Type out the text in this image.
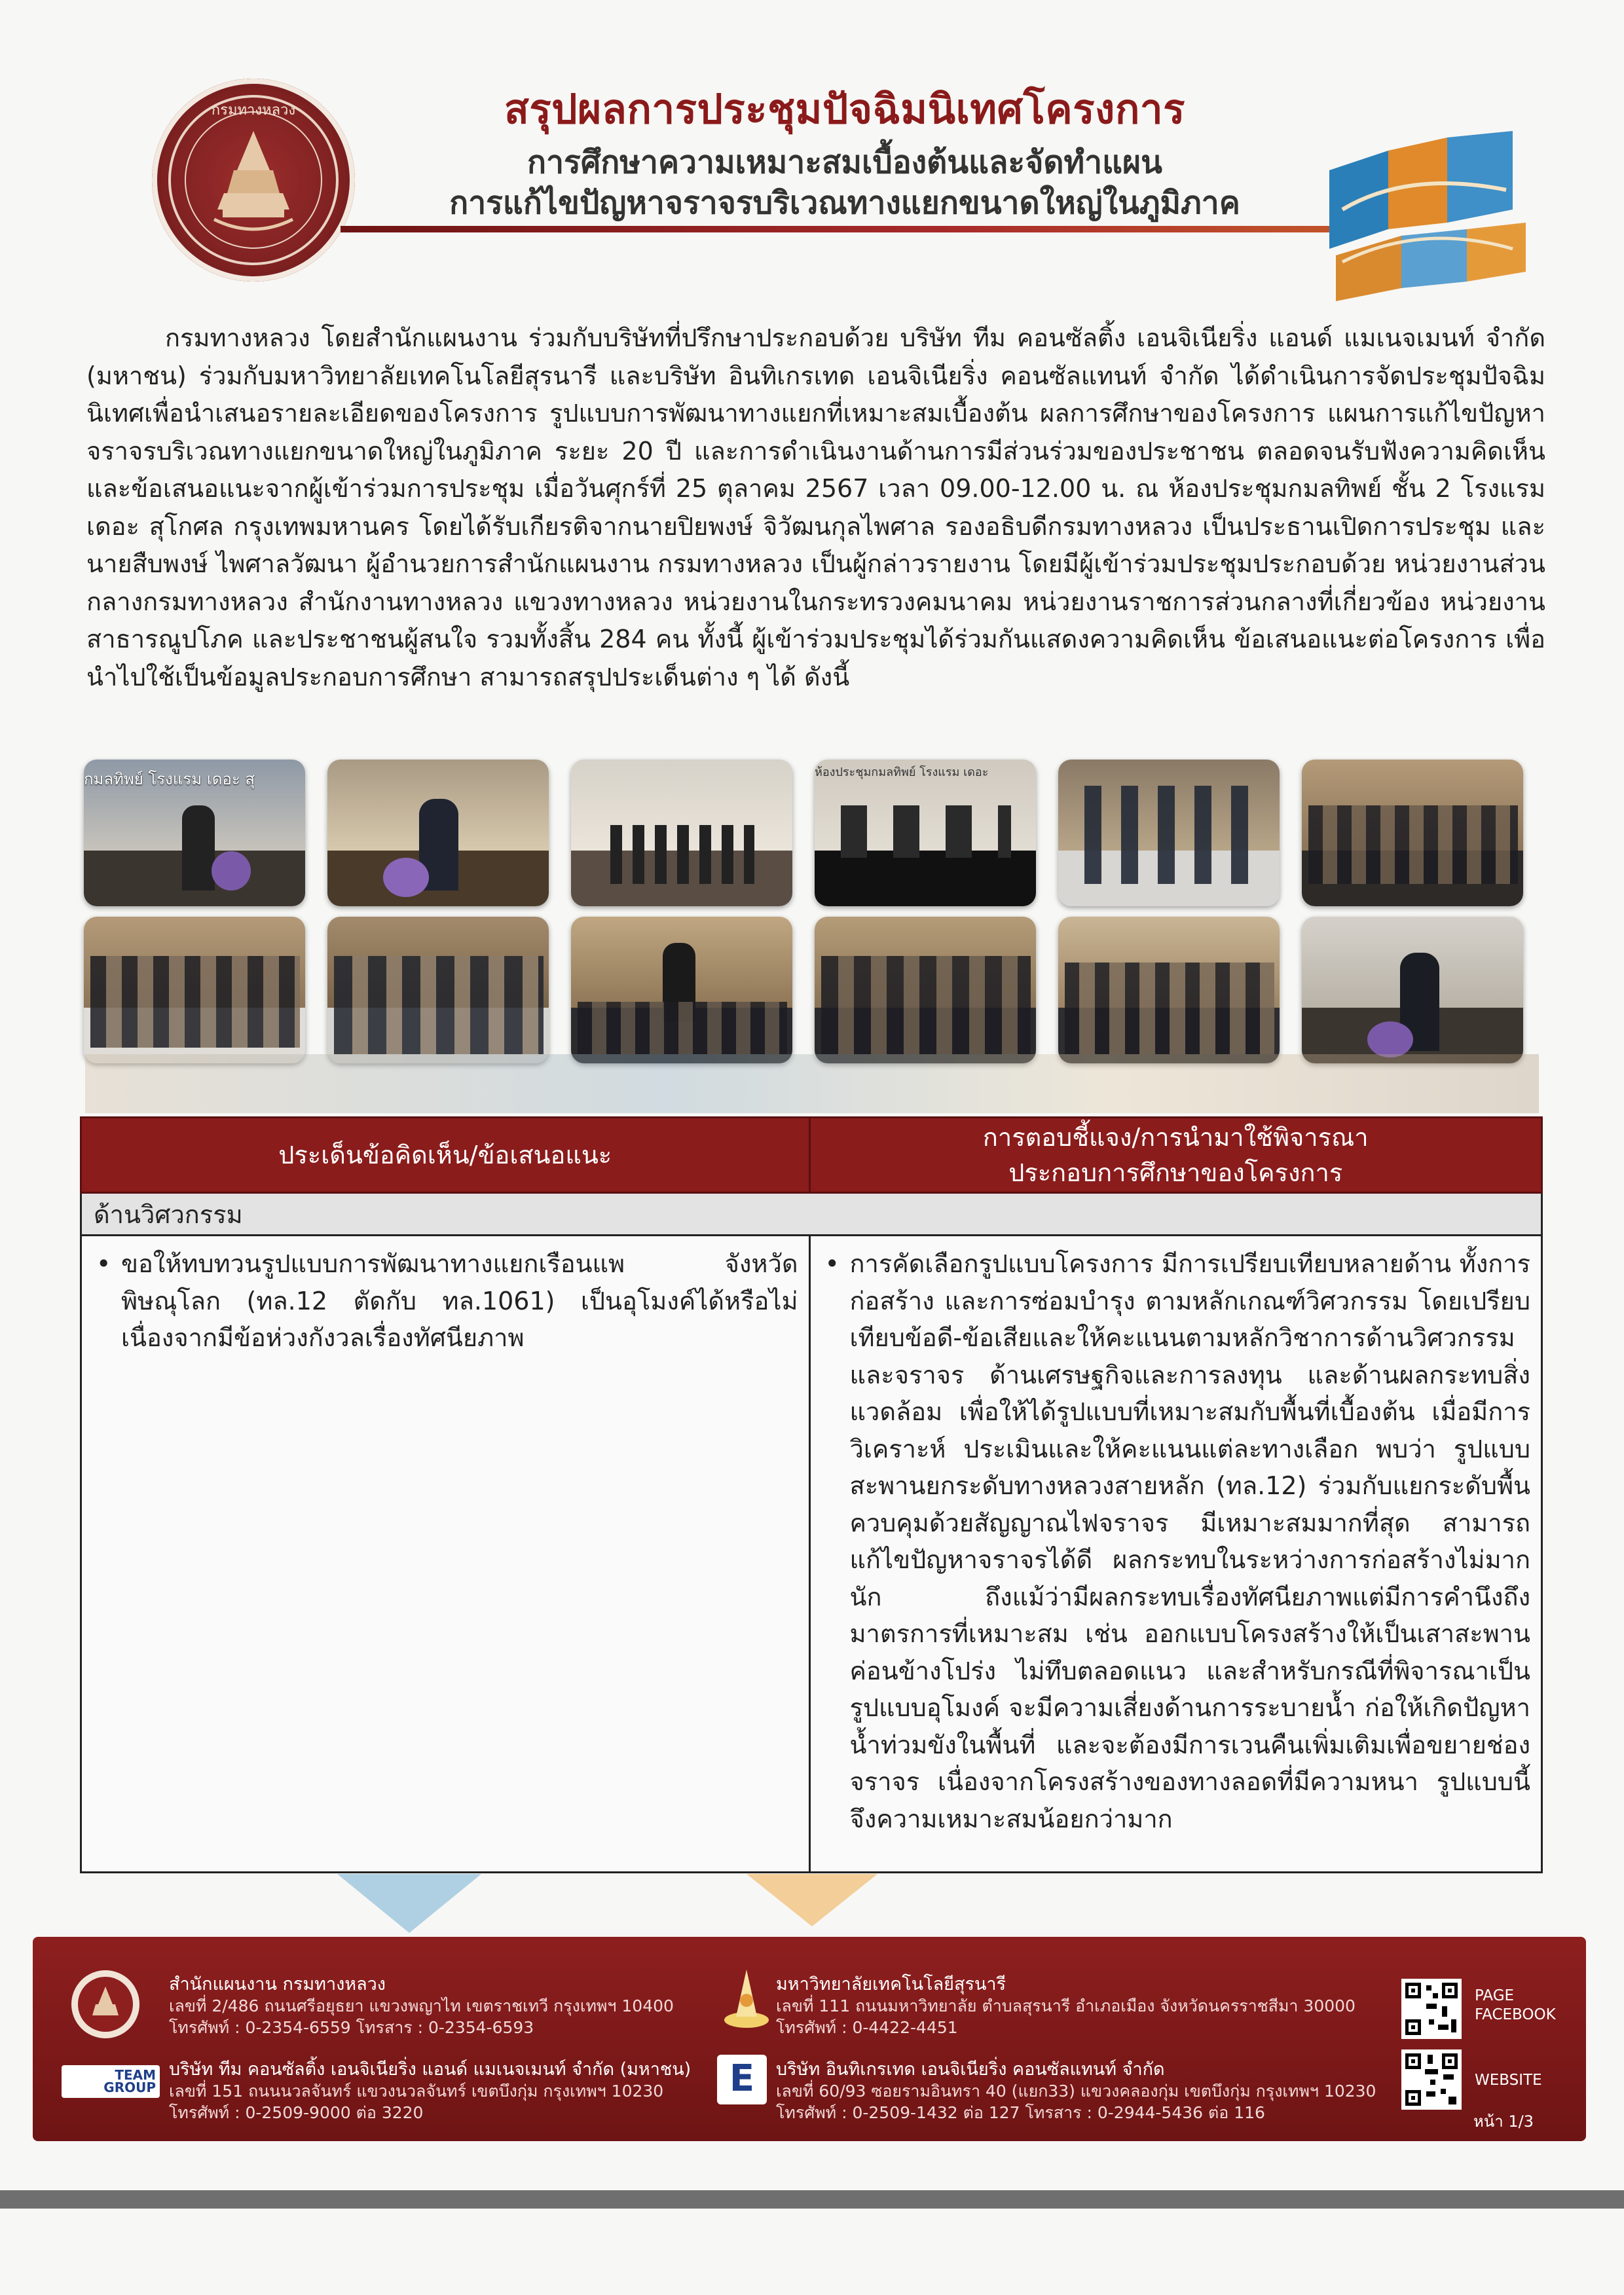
กรมทางหลวง	สรุปผลการประชุมปัจฉิมนิเทศโครงการ
การศึกษาความเหมาะสมเบื้องต้นและจัดทำแผน
การแก้ไขปัญหาจราจรบริเวณทางแยกขนาดใหญ่ในภูมิภาค

กรมทางหลวง โดยสำนักแผนงาน ร่วมกับบริษัทที่ปรึกษาประกอบด้วย บริษัท ทีม คอนซัลติ้ง เอนจิเนียริ่ง แอนด์ แมเนจเมนท์ จำกัด (มหาชน) ร่วมกับมหาวิทยาลัยเทคโนโลยีสุรนารี และบริษัท อินทิเกรเทด เอนจิเนียริ่ง คอนซัลแทนท์ จำกัด ได้ดำเนินการจัดประชุมปัจฉิมนิเทศเพื่อนำเสนอรายละเอียดของโครงการ รูปแบบการพัฒนาทางแยกที่เหมาะสมเบื้องต้น ผลการศึกษาของโครงการ แผนการแก้ไขปัญหาจราจรบริเวณทางแยกขนาดใหญ่ในภูมิภาค ระยะ 20 ปี และการดำเนินงานด้านการมีส่วนร่วมของประชาชน ตลอดจนรับฟังความคิดเห็นและข้อเสนอแนะจากผู้เข้าร่วมการประชุม เมื่อวันศุกร์ที่ 25 ตุลาคม 2567 เวลา 09.00-12.00 น. ณ ห้องประชุมกมลทิพย์ ชั้น 2 โรงแรม เดอะ สุโกศล กรุงเทพมหานคร โดยได้รับเกียรติจากนายปิยพงษ์ จิวัฒนกุลไพศาล รองอธิบดีกรมทางหลวง เป็นประธานเปิดการประชุม และนายสืบพงษ์ ไพศาลวัฒนา ผู้อำนวยการสำนักแผนงาน กรมทางหลวง เป็นผู้กล่าวรายงาน โดยมีผู้เข้าร่วมประชุมประกอบด้วย หน่วยงานส่วนกลางกรมทางหลวง สำนักงานทางหลวง แขวงทางหลวง หน่วยงานในกระทรวงคมนาคม หน่วยงานราชการส่วนกลางที่เกี่ยวข้อง หน่วยงานสาธารณูปโภค และประชาชนผู้สนใจ รวมทั้งสิ้น 284 คน ทั้งนี้ ผู้เข้าร่วมประชุมได้ร่วมกันแสดงความคิดเห็น ข้อเสนอแนะต่อโครงการ เพื่อนำไปใช้เป็นข้อมูลประกอบการศึกษา สามารถสรุปประเด็นต่าง ๆ ได้ ดังนี้

กมลทิพย์ โรงแรม เดอะ สุ	ห้องประชุมกมลทิพย์ โรงแรม เดอะ
ประเด็นข้อคิดเห็น/ข้อเสนอแนะ	การตอบชี้แจง/การนำมาใช้พิจารณา
ประกอบการศึกษาของโครงการ

ด้านวิศวกรรม	

• ขอให้ทบทวนรูปแบบการพัฒนาทางแยกเรือนแพ จังหวัดพิษณุโลก (ทล.12 ตัดกับ ทล.1061) เป็นอุโมงค์ได้หรือไม่ เนื่องจากมีข้อห่วงกังวลเรื่องทัศนียภาพ	• การคัดเลือกรูปแบบโครงการ มีการเปรียบเทียบหลายด้าน ทั้งการก่อสร้าง และการซ่อมบำรุง ตามหลักเกณฑ์วิศวกรรม โดยเปรียบเทียบข้อดี-ข้อเสียและให้คะแนนตามหลักวิชาการด้านวิศวกรรมและจราจร ด้านเศรษฐกิจและการลงทุน และด้านผลกระทบสิ่งแวดล้อม เพื่อให้ได้รูปแบบที่เหมาะสมกับพื้นที่เบื้องต้น เมื่อมีการวิเคราะห์ ประเมินและให้คะแนนแต่ละทางเลือก พบว่า รูปแบบสะพานยกระดับทางหลวงสายหลัก (ทล.12) ร่วมกับแยกระดับพื้นควบคุมด้วยสัญญาณไฟจราจร มีเหมาะสมมากที่สุด สามารถแก้ไขปัญหาจราจรได้ดี ผลกระทบในระหว่างการก่อสร้างไม่มากนัก ถึงแม้ว่ามีผลกระทบเรื่องทัศนียภาพแต่มีการคำนึงถึงมาตรการที่เหมาะสม เช่น ออกแบบโครงสร้างให้เป็นเสาสะพานค่อนข้างโปร่ง ไม่ทึบตลอดแนว และสำหรับกรณีที่พิจารณาเป็นรูปแบบอุโมงค์ จะมีความเสี่ยงด้านการระบายน้ำ ก่อให้เกิดปัญหาน้ำท่วมขังในพื้นที่ และจะต้องมีการเวนคืนเพิ่มเติมเพื่อขยายช่องจราจร เนื่องจากโครงสร้างของทางลอดที่มีความหนา รูปแบบนี้จึงความเหมาะสมน้อยกว่ามาก
สำนักแผนงาน กรมทางหลวง
เลขที่ 2/486 ถนนศรีอยุธยา แขวงพญาไท เขตราชเทวี กรุงเทพฯ 10400
โทรศัพท์ : 0-2354-6559 โทรสาร : 0-2354-6593
มหาวิทยาลัยเทคโนโลยีสุรนารี
เลขที่ 111 ถนนมหาวิทยาลัย ตำบลสุรนารี อำเภอเมือง จังหวัดนครราชสีมา 30000
โทรศัพท์ : 0-4422-4451
TEAM GROUP
บริษัท ทีม คอนซัลติ้ง เอนจิเนียริ่ง แอนด์ แมเนจเมนท์ จำกัด (มหาชน)
เลขที่ 151 ถนนนวลจันทร์ แขวงนวลจันทร์ เขตบึงกุ่ม กรุงเทพฯ 10230
โทรศัพท์ : 0-2509-9000 ต่อ 3220
E	บริษัท อินทิเกรเทด เอนจิเนียริ่ง คอนซัลแทนท์ จำกัด
เลขที่ 60/93 ซอยรามอินทรา 40 (แยก33) แขวงคลองกุ่ม เขตบึงกุ่ม กรุงเทพฯ 10230
โทรศัพท์ : 0-2509-1432 ต่อ 127 โทรสาร : 0-2944-5436 ต่อ 116
PAGE
FACEBOOK
WEBSITE
หน้า 1/3
